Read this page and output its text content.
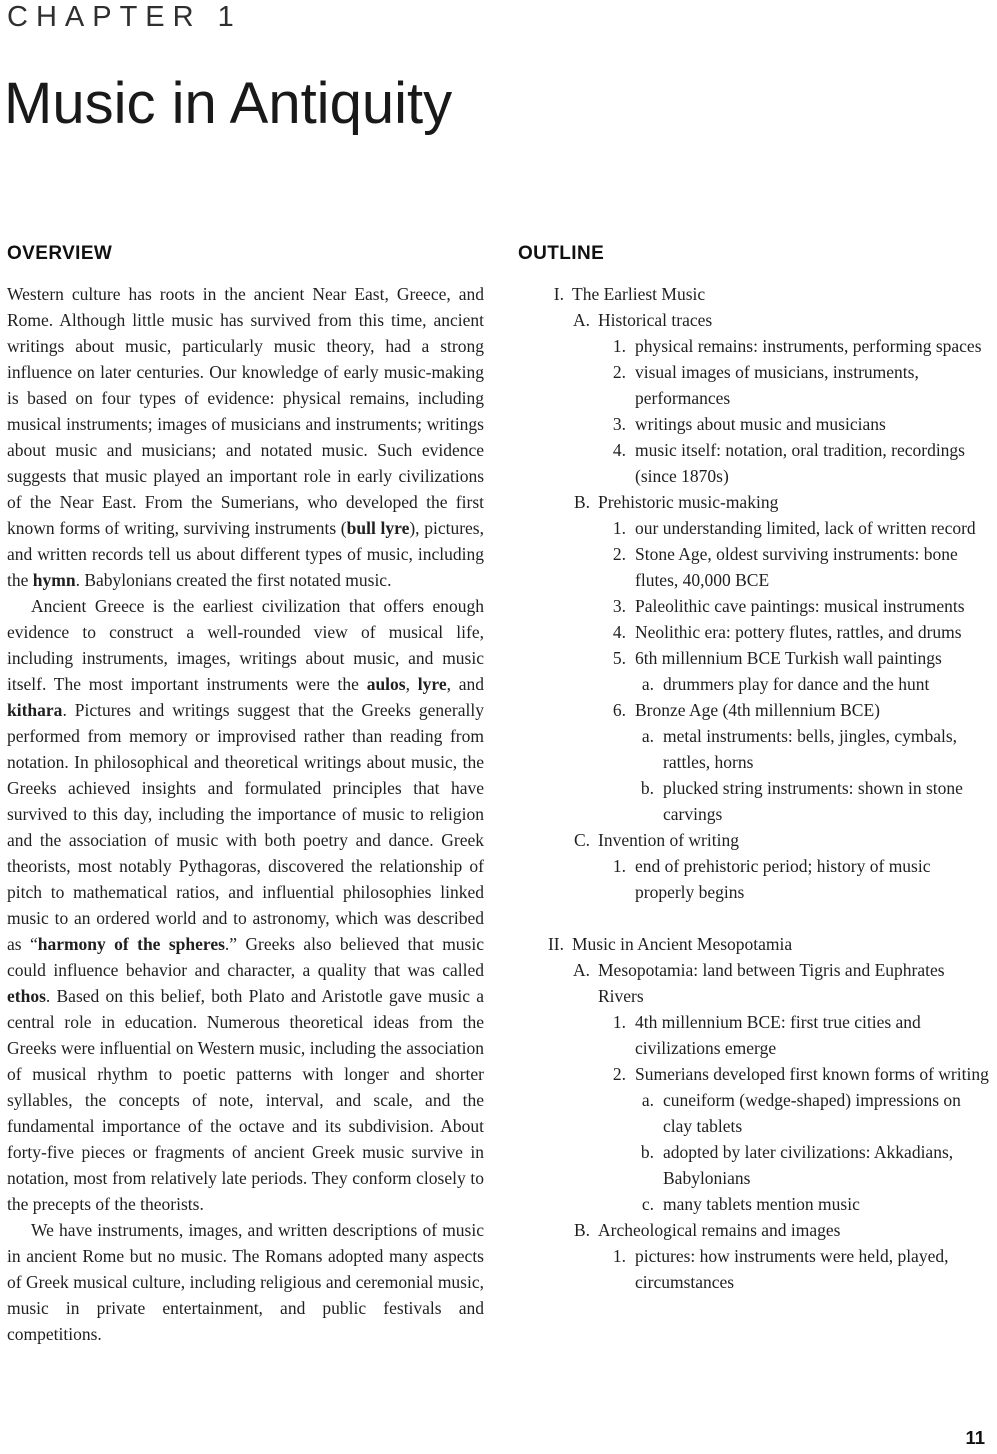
CHAPTER 1
Music in Antiquity
OVERVIEW

Western culture has roots in the ancient Near East, Greece, and Rome. Although little music has survived from this time, ancient writings about music, particularly music theory, had a strong influence on later centuries. Our knowledge of early music-making is based on four types of evidence: physical remains, including musical instruments; images of musicians and instruments; writings about music and musicians; and notated music. Such evidence suggests that music played an important role in early civilizations of the Near East. From the Sumerians, who developed the first known forms of writing, surviving instruments (bull lyre), pictures, and written records tell us about different types of music, including the hymn. Babylonians created the first notated music.

Ancient Greece is the earliest civilization that offers enough evidence to construct a well-rounded view of musical life, including instruments, images, writings about music, and music itself. The most important instruments were the aulos, lyre, and kithara. Pictures and writings suggest that the Greeks generally performed from memory or improvised rather than reading from notation. In philosophical and theoretical writings about music, the Greeks achieved insights and formulated principles that have survived to this day, including the importance of music to religion and the association of music with both poetry and dance. Greek theorists, most notably Pythagoras, discovered the relationship of pitch to mathematical ratios, and influential philosophies linked music to an ordered world and to astronomy, which was described as “harmony of the spheres.” Greeks also believed that music could influence behavior and character, a quality that was called ethos. Based on this belief, both Plato and Aristotle gave music a central role in education. Numerous theoretical ideas from the Greeks were influential on Western music, including the association of musical rhythm to poetic patterns with longer and shorter syllables, the concepts of note, interval, and scale, and the fundamental importance of the octave and its subdivision. About forty-five pieces or fragments of ancient Greek music survive in notation, most from relatively late periods. They conform closely to the precepts of the theorists.

We have instruments, images, and written descriptions of music in ancient Rome but no music. The Romans adopted many aspects of Greek musical culture, including religious and ceremonial music, music in private entertainment, and public festivals and competitions.

OUTLINE
I. The Earliest Music
A. Historical traces
1. physical remains: instruments, performing spaces
2. visual images of musicians, instruments, performances
3. writings about music and musicians
4. music itself: notation, oral tradition, recordings (since 1870s)
B. Prehistoric music-making
1. our understanding limited, lack of written record
2. Stone Age, oldest surviving instruments: bone flutes, 40,000 BCE
3. Paleolithic cave paintings: musical instruments
4. Neolithic era: pottery flutes, rattles, and drums
5. 6th millennium BCE Turkish wall paintings
a. drummers play for dance and the hunt
6. Bronze Age (4th millennium BCE)
a. metal instruments: bells, jingles, cymbals, rattles, horns
b. plucked string instruments: shown in stone carvings
C. Invention of writing
1. end of prehistoric period; history of music properly begins
II. Music in Ancient Mesopotamia
A. Mesopotamia: land between Tigris and Euphrates Rivers
1. 4th millennium BCE: first true cities and civilizations emerge
2. Sumerians developed first known forms of writing
a. cuneiform (wedge-shaped) impressions on clay tablets
b. adopted by later civilizations: Akkadians, Babylonians
c. many tablets mention music
B. Archeological remains and images
1. pictures: how instruments were held, played, circumstances
11
